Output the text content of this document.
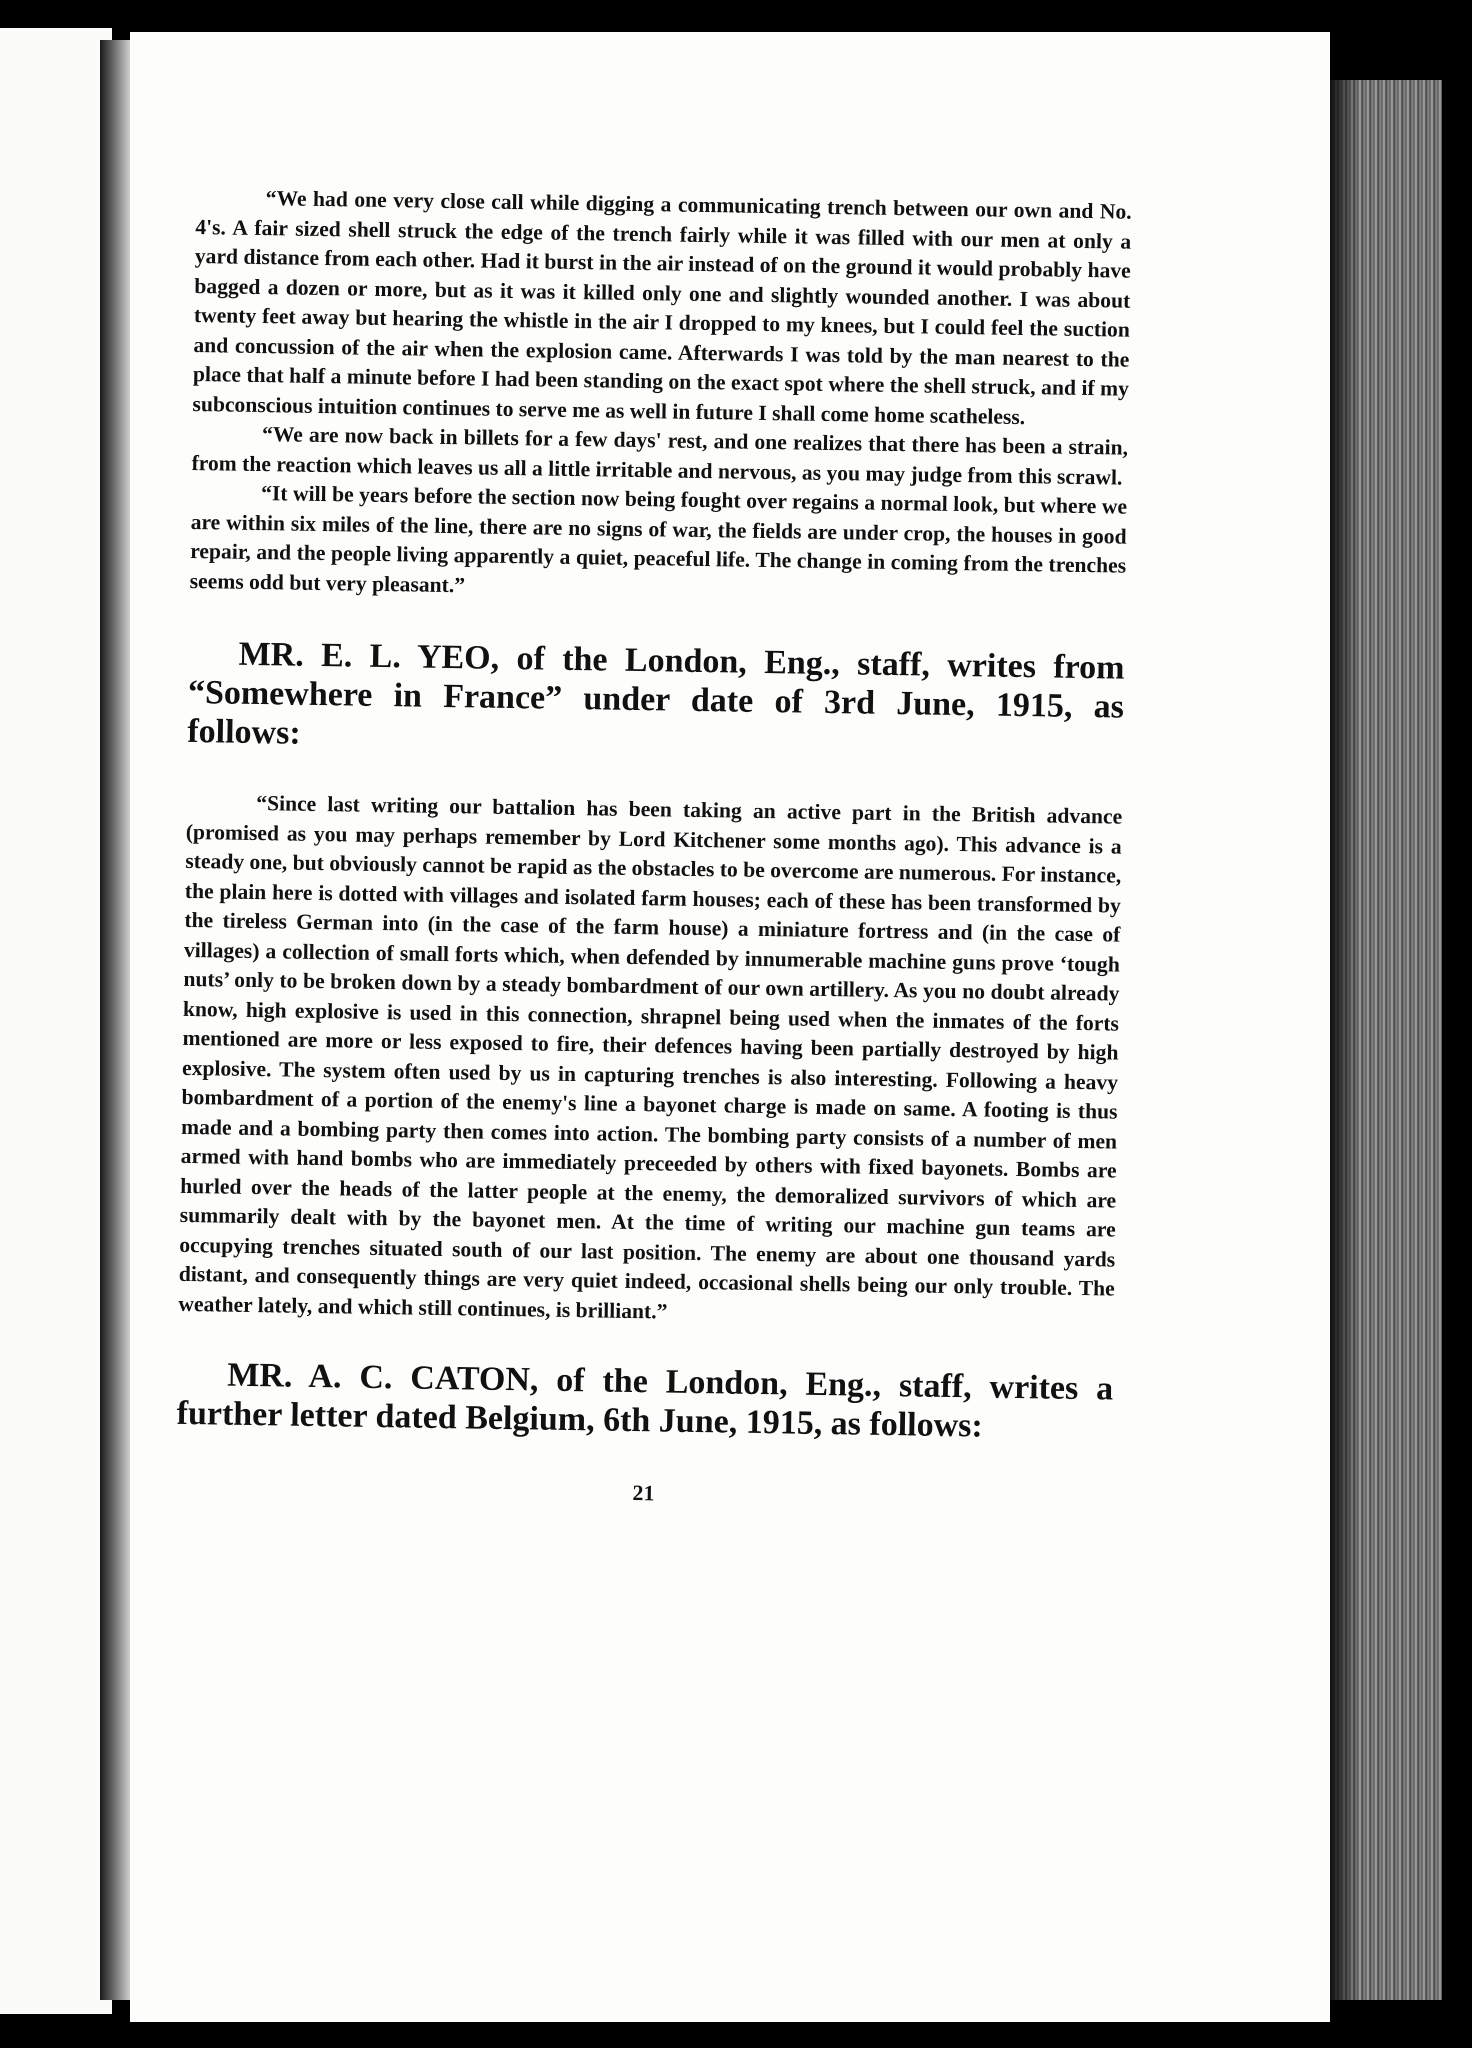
“We had one very close call while digging a communicating trench between our own and No. 4's. A fair sized shell struck the edge of the trench fairly while it was filled with our men at only a yard distance from each other. Had it burst in the air instead of on the ground it would probably have bagged a dozen or more, but as it was it killed only one and slightly wounded another. I was about twenty feet away but hearing the whistle in the air I dropped to my knees, but I could feel the suction and concussion of the air when the explosion came. Afterwards I was told by the man nearest to the place that half a minute before I had been standing on the exact spot where the shell struck, and if my subconscious intuition continues to serve me as well in future I shall come home scatheless.

“We are now back in billets for a few days' rest, and one realizes that there has been a strain, from the reaction which leaves us all a little irritable and nervous, as you may judge from this scrawl.

“It will be years before the section now being fought over regains a normal look, but where we are within six miles of the line, there are no signs of war, the fields are under crop, the houses in good repair, and the people living apparently a quiet, peaceful life. The change in coming from the trenches seems odd but very pleasant.”

MR. E. L. YEO, of the London, Eng., staff, writes from “Somewhere in France” under date of 3rd June, 1915, as follows:

“Since last writing our battalion has been taking an active part in the British advance (promised as you may perhaps remember by Lord Kitchener some months ago). This advance is a steady one, but obviously cannot be rapid as the obstacles to be overcome are numerous. For instance, the plain here is dotted with villages and isolated farm houses; each of these has been transformed by the tireless German into (in the case of the farm house) a miniature fortress and (in the case of villages) a collection of small forts which, when defended by innumerable machine guns prove ‘tough nuts’ only to be broken down by a steady bombardment of our own artillery. As you no doubt already know, high explosive is used in this connection, shrapnel being used when the inmates of the forts mentioned are more or less exposed to fire, their defences having been partially destroyed by high explosive. The system often used by us in capturing trenches is also interesting. Following a heavy bombardment of a portion of the enemy's line a bayonet charge is made on same. A footing is thus made and a bombing party then comes into action. The bombing party consists of a number of men armed with hand bombs who are immediately preceeded by others with fixed bayonets. Bombs are hurled over the heads of the latter people at the enemy, the demoralized survivors of which are summarily dealt with by the bayonet men. At the time of writing our machine gun teams are occupying trenches situated south of our last position. The enemy are about one thousand yards distant, and consequently things are very quiet indeed, occasional shells being our only trouble. The weather lately, and which still continues, is brilliant.”

MR. A. C. CATON, of the London, Eng., staff, writes a further letter dated Belgium, 6th June, 1915, as follows:

21
